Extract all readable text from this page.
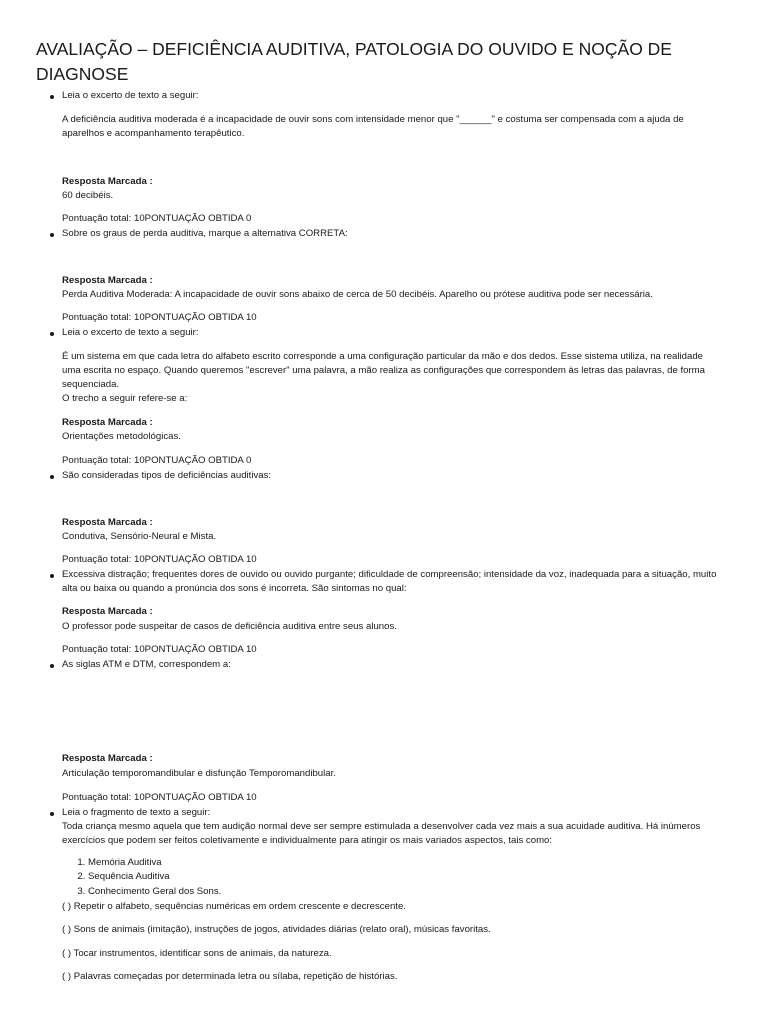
AVALIAÇÃO – DEFICIÊNCIA AUDITIVA, PATOLOGIA DO OUVIDO E NOÇÃO DE DIAGNOSE

Leia o excerto de texto a seguir:

A deficiência auditiva moderada é a incapacidade de ouvir sons com intensidade menor que "______" e costuma ser compensada com a ajuda de aparelhos e acompanhamento terapêutico.

Resposta Marcada :

60 decibéis.

Pontuação total: 10PONTUAÇÃO OBTIDA 0

Sobre os graus de perda auditiva, marque a alternativa CORRETA:

Resposta Marcada :

Perda Auditiva Moderada: A incapacidade de ouvir sons abaixo de cerca de 50 decibéis. Aparelho ou prótese auditiva pode ser necessária.

Pontuação total: 10PONTUAÇÃO OBTIDA 10

Leia o excerto de texto a seguir:

É um sistema em que cada letra do alfabeto escrito corresponde a uma configuração particular da mão e dos dedos. Esse sistema utiliza, na realidade uma escrita no espaço. Quando queremos "escrever" uma palavra, a mão realiza as configurações que correspondem às letras das palavras, de forma sequenciada.

O trecho a seguir refere-se a:

Resposta Marcada :

Orientações metodológicas.

Pontuação total: 10PONTUAÇÃO OBTIDA 0

São consideradas tipos de deficiências auditivas:

Resposta Marcada :

Condutiva, Sensório-Neural e Mista.

Pontuação total: 10PONTUAÇÃO OBTIDA 10

Excessiva distração; frequentes dores de ouvido ou ouvido purgante; dificuldade de compreensão; intensidade da voz, inadequada para a situação, muito alta ou baixa ou quando a pronúncia dos sons é incorreta. São sintomas no qual:

Resposta Marcada :

O professor pode suspeitar de casos de deficiência auditiva entre seus alunos.

Pontuação total: 10PONTUAÇÃO OBTIDA 10

As siglas ATM e DTM, correspondem a:

Resposta Marcada :

Articulação temporomandibular e disfunção Temporomandibular.

Pontuação total: 10PONTUAÇÃO OBTIDA 10

Leia o fragmento de texto a seguir:

Toda criança mesmo aquela que tem audição normal deve ser sempre estimulada a desenvolver cada vez mais a sua acuidade auditiva. Há inúmeros exercícios que podem ser feitos coletivamente e individualmente para atingir os mais variados aspectos, tais como:

1. Memória Auditiva
2. Sequência Auditiva
3. Conhecimento Geral dos Sons.

( ) Repetir o alfabeto, sequências numéricas em ordem crescente e decrescente.

( ) Sons de animais (imitação), instruções de jogos, atividades diárias (relato oral), músicas favoritas.

( ) Tocar instrumentos, identificar sons de animais, da natureza.

( ) Palavras começadas por determinada letra ou sílaba, repetição de histórias.
